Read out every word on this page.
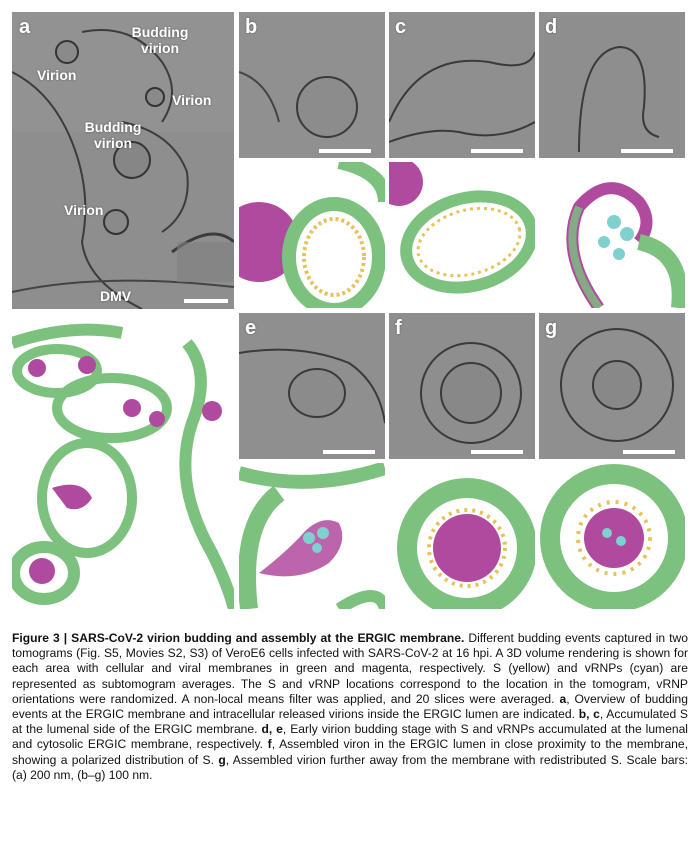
a	Budding virion
Virion
Virion
Budding virion
Virion
DMV
b	c	d
e	f	g
Figure 3 | SARS-CoV-2 virion budding and assembly at the ERGIC membrane. Different budding events captured in two tomograms (Fig. S5, Movies S2, S3) of VeroE6 cells infected with SARS-CoV-2 at 16 hpi. A 3D volume rendering is shown for each area with cellular and viral membranes in green and magenta, respectively. S (yellow) and vRNPs (cyan) are represented as subtomogram averages. The S and vRNP locations correspond to the location in the tomogram, vRNP orientations were randomized. A non-local means filter was applied, and 20 slices were averaged. a, Overview of budding events at the ERGIC membrane and intracellular released virions inside the ERGIC lumen are indicated. b, c, Accumulated S at the lumenal side of the ERGIC membrane. d, e, Early virion budding stage with S and vRNPs accumulated at the lumenal and cytosolic ERGIC membrane, respectively. f, Assembled viron in the ERGIC lumen in close proximity to the membrane, showing a polarized distribution of S. g, Assembled virion further away from the membrane with redistributed S. Scale bars: (a) 200 nm, (b–g) 100 nm.
